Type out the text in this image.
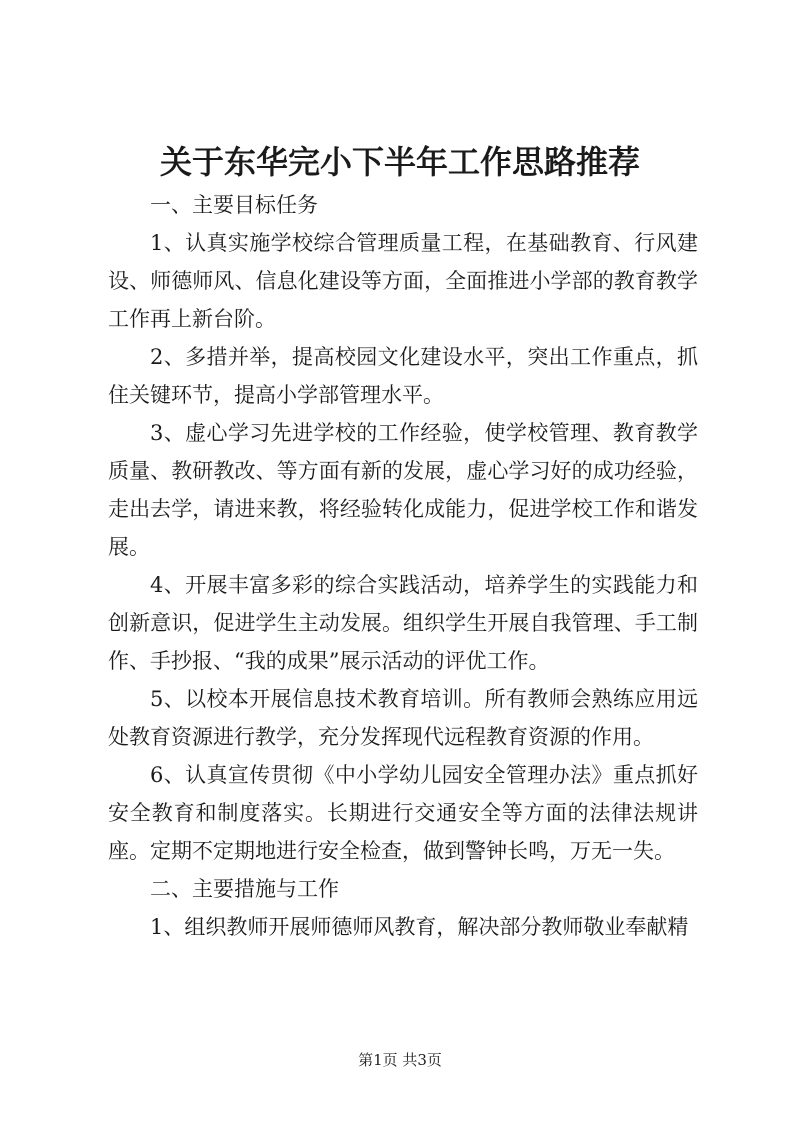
关于东华完小下半年工作思路推荐

一、主要目标任务

1、认真实施学校综合管理质量工程，在基础教育、行风建设、师德师风、信息化建设等方面，全面推进小学部的教育教学工作再上新台阶。

2、多措并举，提高校园文化建设水平，突出工作重点，抓住关键环节，提高小学部管理水平。

3、虚心学习先进学校的工作经验，使学校管理、教育教学质量、教研教改、等方面有新的发展，虚心学习好的成功经验，走出去学，请进来教，将经验转化成能力，促进学校工作和谐发展。

4、开展丰富多彩的综合实践活动，培养学生的实践能力和创新意识，促进学生主动发展。组织学生开展自我管理、手工制作、手抄报、“我的成果”展示活动的评优工作。

5、以校本开展信息技术教育培训。所有教师会熟练应用远处教育资源进行教学，充分发挥现代远程教育资源的作用。

6、认真宣传贯彻《中小学幼儿园安全管理办法》重点抓好安全教育和制度落实。长期进行交通安全等方面的法律法规讲座。定期不定期地进行安全检查，做到警钟长鸣，万无一失。

二、主要措施与工作

1、组织教师开展师德师风教育，解决部分教师敬业奉献精

第1页 共3页
